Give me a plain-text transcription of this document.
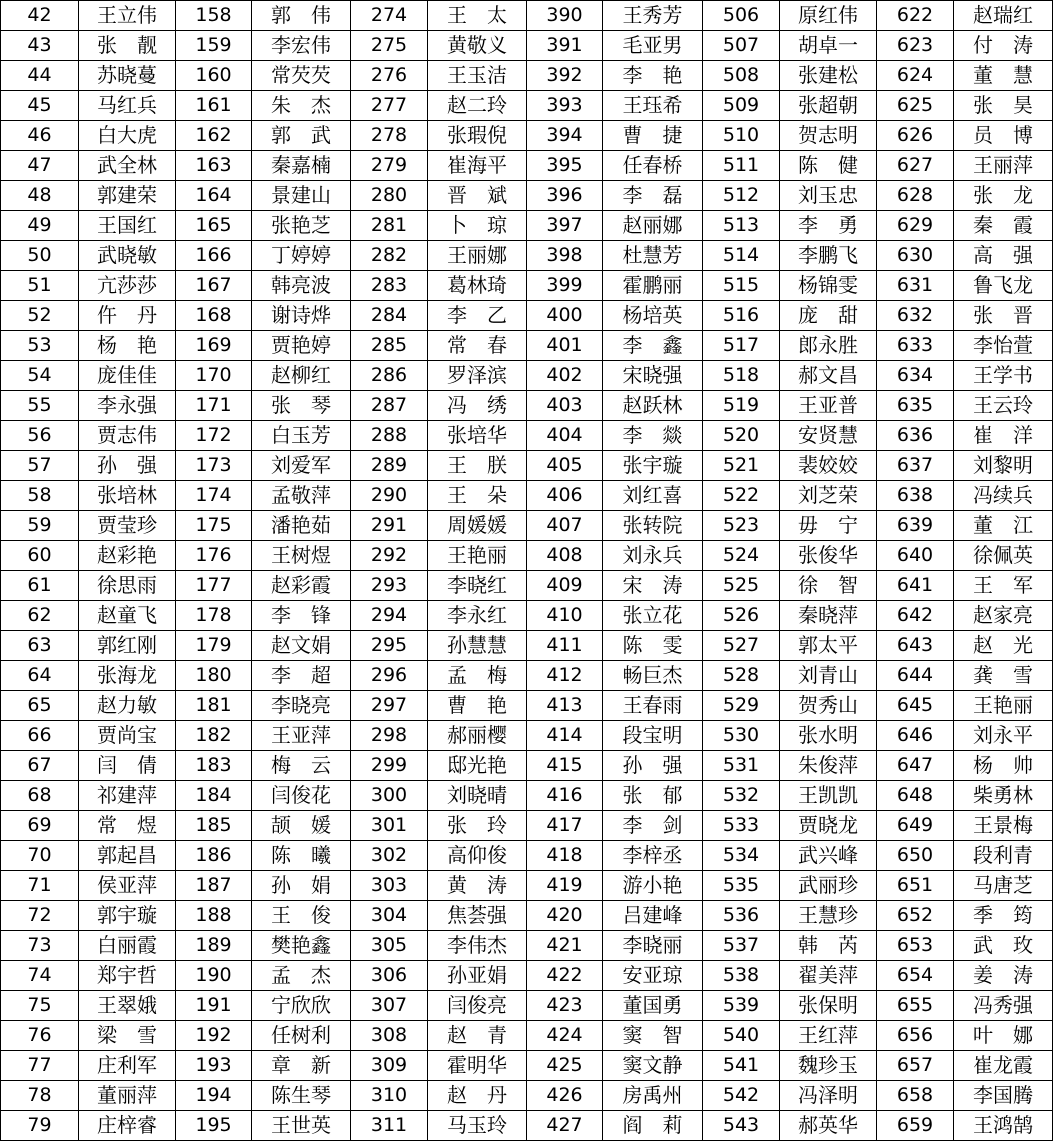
42	王立伟	158	郭　伟	274	王　太	390	王秀芳	506	原红伟	622	赵瑞红
43	张　靓	159	李宏伟	275	黄敬义	391	毛亚男	507	胡卓一	623	付　涛
44	苏晓蔓	160	常芡芡	276	王玉洁	392	李　艳	508	张建松	624	董　慧
45	马红兵	161	朱　杰	277	赵二玲	393	王珏希	509	张超朝	625	张　昊
46	白大虎	162	郭　武	278	张瑕倪	394	曹　捷	510	贺志明	626	员　博
47	武全林	163	秦嘉楠	279	崔海平	395	任春桥	511	陈　健	627	王丽萍
48	郭建荣	164	景建山	280	晋　斌	396	李　磊	512	刘玉忠	628	张　龙
49	王国红	165	张艳芝	281	卜　琼	397	赵丽娜	513	李　勇	629	秦　霞
50	武晓敏	166	丁婷婷	282	王丽娜	398	杜慧芳	514	李鹏飞	630	高　强
51	亢莎莎	167	韩亮波	283	葛林琦	399	霍鹏丽	515	杨锦雯	631	鲁飞龙
52	仵　丹	168	谢诗烨	284	李　乙	400	杨培英	516	庞　甜	632	张　晋
53	杨　艳	169	贾艳婷	285	常　春	401	李　鑫	517	郎永胜	633	李怡萱
54	庞佳佳	170	赵柳红	286	罗泽滨	402	宋晓强	518	郝文昌	634	王学书
55	李永强	171	张　琴	287	冯　绣	403	赵跃林	519	王亚普	635	王云玲
56	贾志伟	172	白玉芳	288	张培华	404	李　燚	520	安贤慧	636	崔　洋
57	孙　强	173	刘爱军	289	王　朕	405	张宇璇	521	裴姣姣	637	刘黎明
58	张培林	174	孟敬萍	290	王　朵	406	刘红喜	522	刘芝荣	638	冯续兵
59	贾莹珍	175	潘艳茹	291	周媛媛	407	张转院	523	毋　宁	639	董　江
60	赵彩艳	176	王树煜	292	王艳丽	408	刘永兵	524	张俊华	640	徐佩英
61	徐思雨	177	赵彩霞	293	李晓红	409	宋　涛	525	徐　智	641	王　军
62	赵童飞	178	李　锋	294	李永红	410	张立花	526	秦晓萍	642	赵家亮
63	郭红刚	179	赵文娟	295	孙慧慧	411	陈　雯	527	郭太平	643	赵　光
64	张海龙	180	李　超	296	孟　梅	412	畅巨杰	528	刘青山	644	龚　雪
65	赵力敏	181	李晓亮	297	曹　艳	413	王春雨	529	贺秀山	645	王艳丽
66	贾尚宝	182	王亚萍	298	郝丽樱	414	段宝明	530	张水明	646	刘永平
67	闫　倩	183	梅　云	299	邸光艳	415	孙　强	531	朱俊萍	647	杨　帅
68	祁建萍	184	闫俊花	300	刘晓晴	416	张　郁	532	王凯凯	648	柴勇林
69	常　煜	185	颉　媛	301	张　玲	417	李　剑	533	贾晓龙	649	王景梅
70	郭起昌	186	陈　曦	302	高仰俊	418	李梓丞	534	武兴峰	650	段利青
71	侯亚萍	187	孙　娟	303	黄　涛	419	游小艳	535	武丽珍	651	马唐芝
72	郭宇璇	188	王　俊	304	焦荟强	420	吕建峰	536	王慧珍	652	季　筠
73	白丽霞	189	樊艳鑫	305	李伟杰	421	李晓丽	537	韩　芮	653	武　玫
74	郑宇哲	190	孟　杰	306	孙亚娟	422	安亚琼	538	翟美萍	654	姜　涛
75	王翠娥	191	宁欣欣	307	闫俊亮	423	董国勇	539	张保明	655	冯秀强
76	梁　雪	192	任树利	308	赵　青	424	窦　智	540	王红萍	656	叶　娜
77	庄利军	193	章　新	309	霍明华	425	窦文静	541	魏珍玉	657	崔龙霞
78	董丽萍	194	陈生琴	310	赵　丹	426	房禹州	542	冯泽明	658	李国腾
79	庄梓睿	195	王世英	311	马玉玲	427	阎　莉	543	郝英华	659	王鸿鹄
